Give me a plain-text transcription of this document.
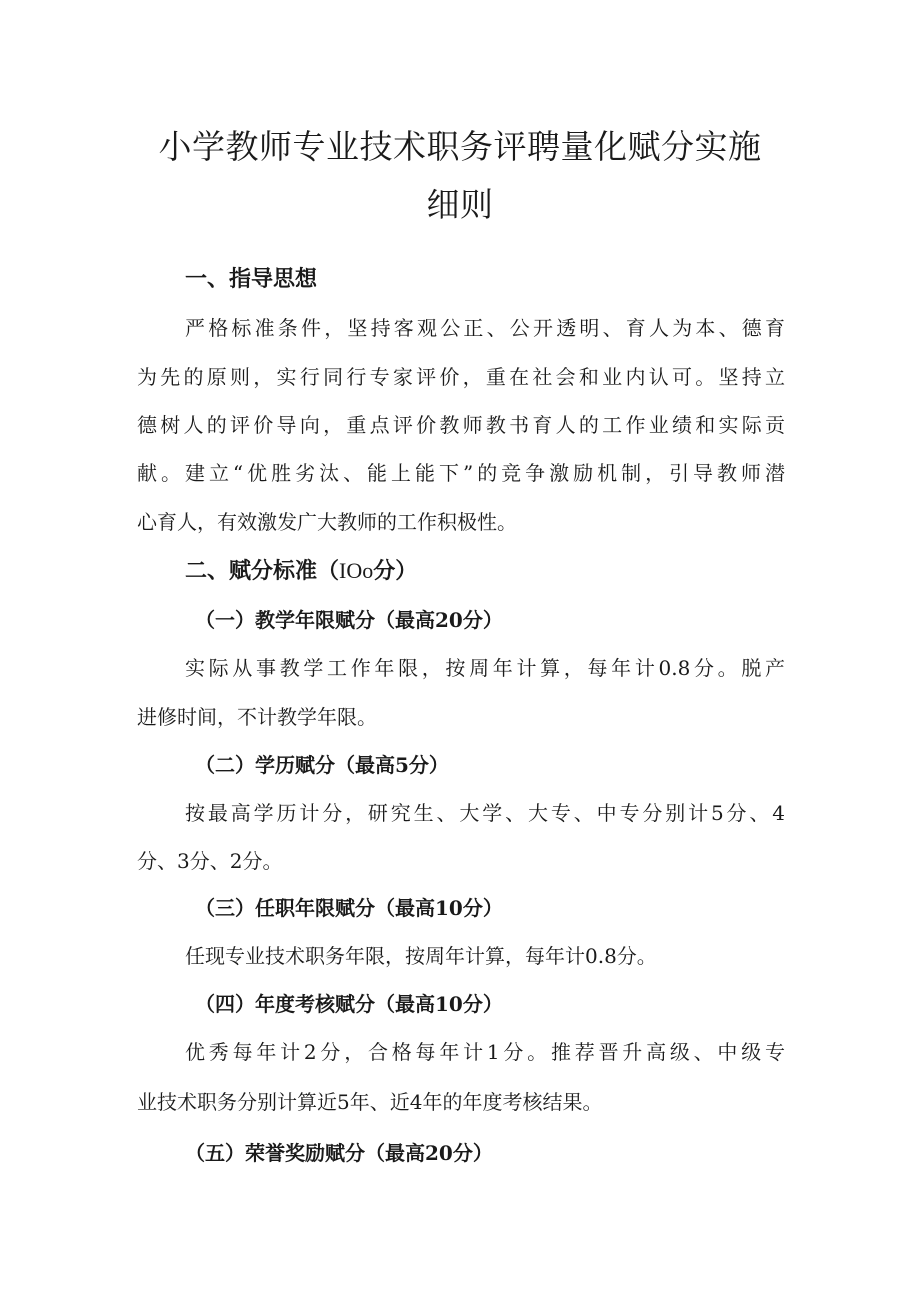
小学教师专业技术职务评聘量化赋分实施
细则
一、指导思想

严格标准条件，坚持客观公正、公开透明、育人为本、德育

为先的原则，实行同行专家评价，重在社会和业内认可。坚持立

德树人的评价导向，重点评价教师教书育人的工作业绩和实际贡

献。建立“优胜劣汰、能上能下”的竞争激励机制，引导教师潜

心育人，有效激发广大教师的工作积极性。

二、赋分标准（IOo分）
（一）教学年限赋分（最高20分）

实际从事教学工作年限，按周年计算，每年计0.8分。脱产

进修时间，不计教学年限。

（二）学历赋分（最高5分）

按最高学历计分，研究生、大学、大专、中专分别计5分、4

分、3分、2分。

（三）任职年限赋分（最高10分）

任现专业技术职务年限，按周年计算，每年计0.8分。

（四）年度考核赋分（最高10分）

优秀每年计2分，合格每年计1分。推荐晋升高级、中级专

业技术职务分别计算近5年、近4年的年度考核结果。

（五）荣誉奖励赋分（最高20分）
